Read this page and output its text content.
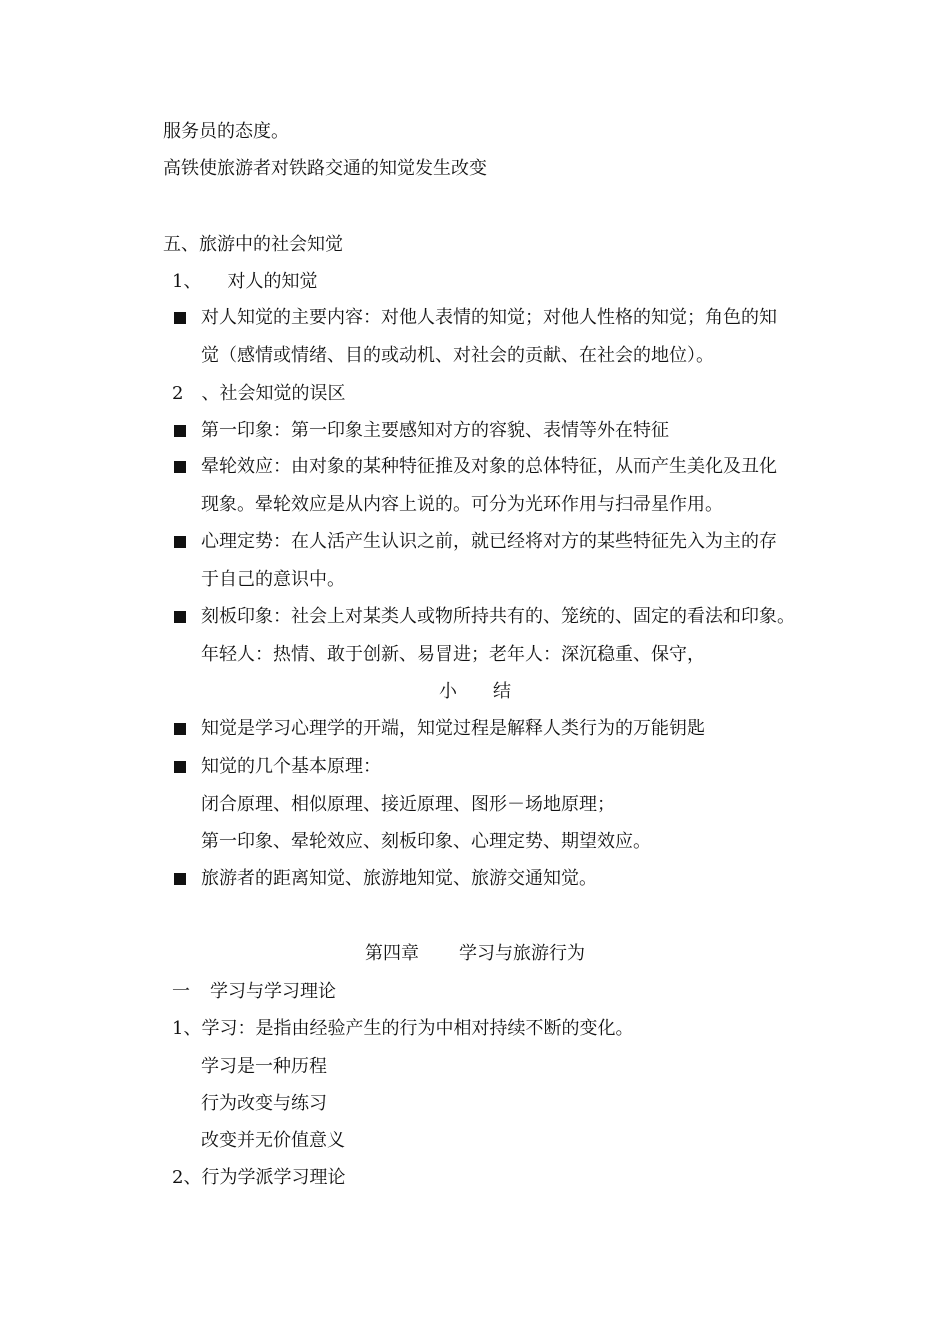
服务员的态度。
高铁使旅游者对铁路交通的知觉发生改变
五、旅游中的社会知觉
1、 对人的知觉
对人知觉的主要内容：对他人表情的知觉；对他人性格的知觉；角色的知
觉（感情或情绪、目的或动机、对社会的贡献、在社会的地位）。
2 、社会知觉的误区
第一印象：第一印象主要感知对方的容貌、表情等外在特征
晕轮效应：由对象的某种特征推及对象的总体特征，从而产生美化及丑化
现象。晕轮效应是从内容上说的。可分为光环作用与扫帚星作用。
心理定势：在人活产生认识之前，就已经将对方的某些特征先入为主的存
于自己的意识中。
刻板印象：社会上对某类人或物所持共有的、笼统的、固定的看法和印象。
年轻人：热情、敢于创新、易冒进；老年人：深沉稳重、保守，
小 结
知觉是学习心理学的开端，知觉过程是解释人类行为的万能钥匙
知觉的几个基本原理：
闭合原理、相似原理、接近原理、图形－场地原理；
第一印象、晕轮效应、刻板印象、心理定势、期望效应。
旅游者的距离知觉、旅游地知觉、旅游交通知觉。
第四章 学习与旅游行为
一 学习与学习理论
1、学习：是指由经验产生的行为中相对持续不断的变化。
学习是一种历程
行为改变与练习
改变并无价值意义
2、行为学派学习理论
